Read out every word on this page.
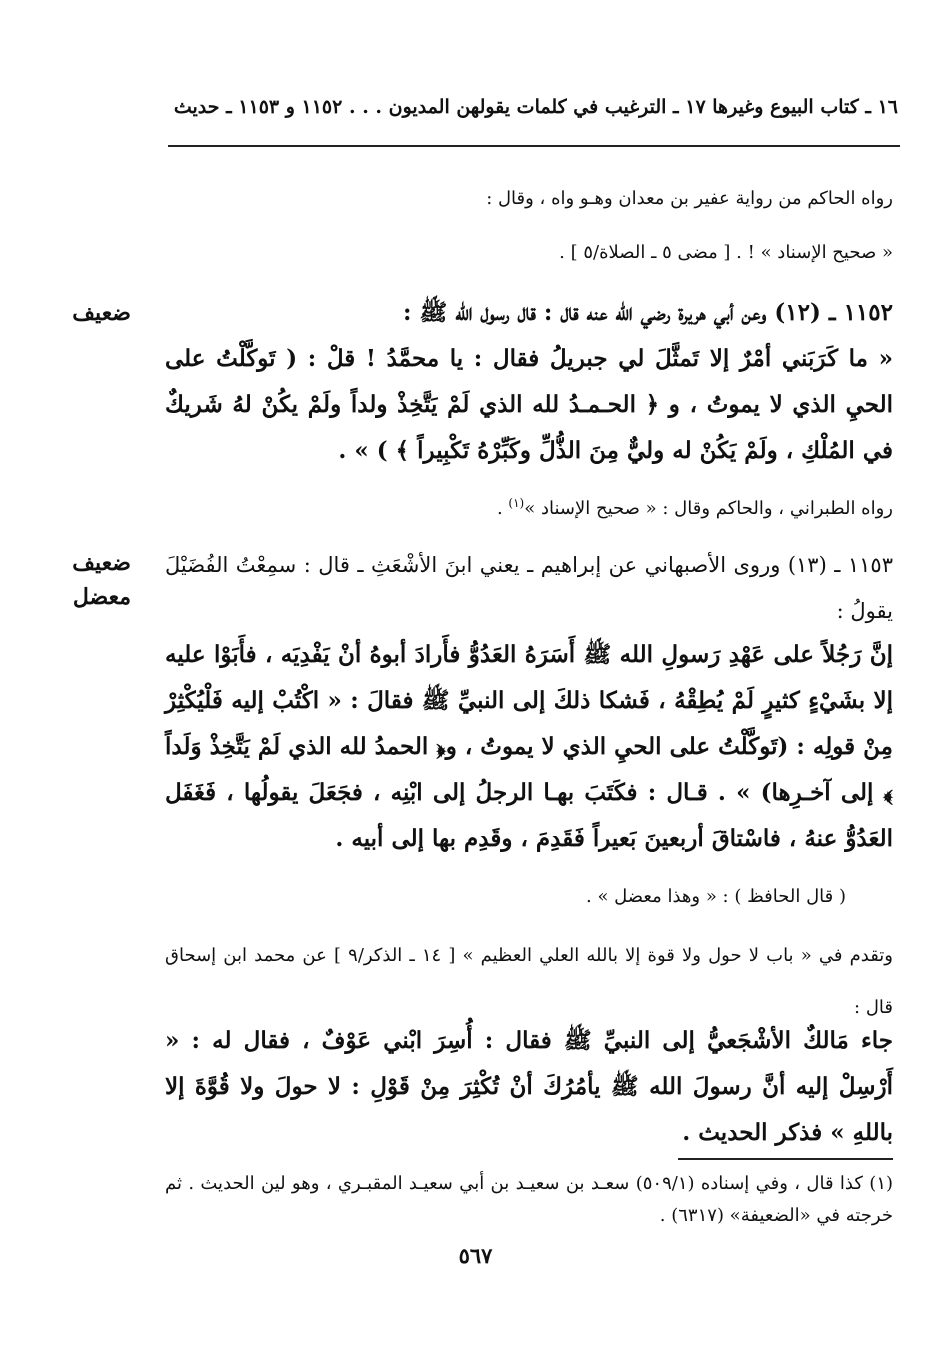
١٦ ـ كتاب البيوع وغيرها ١٧ ـ الترغيب في كلمات يقولهن المديون . . . ١١٥٢ و ١١٥٣ ـ حديث
رواه الحاكم من رواية عفير بن معدان وهـو واه ، وقال :
« صحيح الإسناد » ! . [ مضى ٥ ـ الصلاة/٥ ] .
ضعيف	١١٥٢ ـ (١٢) وعن أبي هريرة رضي الله عنه قال : قال رسول الله ﷺ :
« ما كَرَبَني أمْرٌ إلا تَمثَّلَ لي جبريلُ فقال : يا محمَّدُ ! قلْ : ( تَوكَّلْتُ على الحيِ الذي لا يموتُ ، و ﴿ الحـمـدُ لله الذي لَمْ يَتَّخِذْ ولداً ولَمْ يكُنْ لهُ شَريكٌ في المُلْكِ ، ولَمْ يَكُنْ له وليٌّ مِنَ الذُّلِّ وكَبِّرْهُ تَكْبِيراً ﴾ ) » .
رواه الطبراني ، والحاكم وقال : « صحيح الإسناد »$^{(١)}$ .
ضعيف
معضل
١١٥٣ ـ (١٣) وروى الأصبهاني عن إبراهيم ـ يعني ابنَ الأشْعَثِ ـ قال : سمِعْتُ الفُضَيْلَ يقولُ :
إنَّ رَجُلاً على عَهْدِ رَسولِ الله ﷺ أَسَرَهُ العَدُوُّ فأَرادَ أبوهُ أنْ يَفْدِيَه ، فأَبَوْا عليه إلا بشَيْءٍ كثيرٍ لَمْ يُطِقْهُ ، فَشكا ذلكَ إلى النبيِّ ﷺ فقالَ : « اكْتُبْ إليه فَلْيُكْثِرْ مِنْ قولِه : (تَوكَّلْتُ على الحيِ الذي لا يموتُ ، و﴿ الحمدُ لله الذي لَمْ يَتَّخِذْ وَلَداً ﴾ إلى آخـرِها) » . قـال : فكَتَبَ بهـا الرجلُ إلى ابْنِه ، فجَعَلَ يقولُها ، فَغَفَل العَدُوُّ عنهُ ، فاسْتاقَ أربعينَ بَعيراً فَقَدِمَ ، وقَدِم بها إلى أبيه .
( قال الحافظ ) : « وهذا معضل » .
وتقدم في « باب لا حول ولا قوة إلا بالله العلي العظيم » [ ١٤ ـ الذكر/٩ ] عن محمد ابن إسحاق قال :
جاء مَالكٌ الأشْجَعيُّ إلى النبيِّ ﷺ فقال : أُسِرَ ابْني عَوْفٌ ، فقال له : « أَرْسِلْ إليه أنَّ رسولَ الله ﷺ يأمُرُكَ أنْ تُكْثِرَ مِنْ قَوْلِ : لا حولَ ولا قُوَّةَ إلا باللهِ » فذكر الحديث .
(١) كذا قال ، وفي إسناده (٥٠٩/١) سعـد بن سعيـد بن أبي سعيـد المقبـري ، وهو لين الحديث . ثم خرجته في «الضعيفة» (٦٣١٧) .
٥٦٧
